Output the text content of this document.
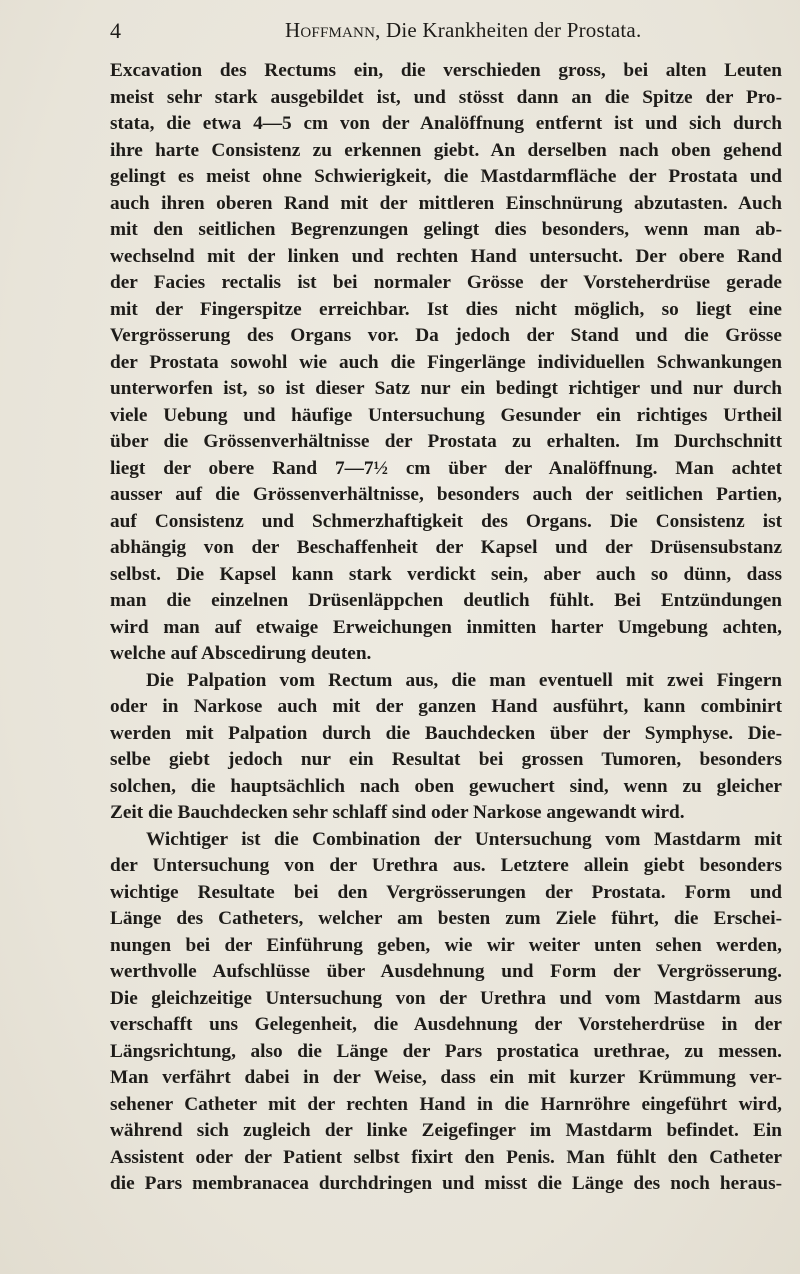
4	Hoffmann, Die Krankheiten der Prostata.
Excavation des Rectums ein, die verschieden gross, bei alten Leuten
meist sehr stark ausgebildet ist, und stösst dann an die Spitze der Pro-
stata, die etwa 4—5 cm von der Analöffnung entfernt ist und sich durch
ihre harte Consistenz zu erkennen giebt. An derselben nach oben gehend
gelingt es meist ohne Schwierigkeit, die Mastdarmfläche der Prostata und
auch ihren oberen Rand mit der mittleren Einschnürung abzutasten. Auch
mit den seitlichen Begrenzungen gelingt dies besonders, wenn man ab-
wechselnd mit der linken und rechten Hand untersucht. Der obere Rand
der Facies rectalis ist bei normaler Grösse der Vorsteherdrüse gerade
mit der Fingerspitze erreichbar. Ist dies nicht möglich, so liegt eine
Vergrösserung des Organs vor. Da jedoch der Stand und die Grösse
der Prostata sowohl wie auch die Fingerlänge individuellen Schwankungen
unterworfen ist, so ist dieser Satz nur ein bedingt richtiger und nur durch
viele Uebung und häufige Untersuchung Gesunder ein richtiges Urtheil
über die Grössenverhältnisse der Prostata zu erhalten. Im Durchschnitt
liegt der obere Rand 7—7½ cm über der Analöffnung. Man achtet
ausser auf die Grössenverhältnisse, besonders auch der seitlichen Partien,
auf Consistenz und Schmerzhaftigkeit des Organs. Die Consistenz ist
abhängig von der Beschaffenheit der Kapsel und der Drüsensubstanz
selbst. Die Kapsel kann stark verdickt sein, aber auch so dünn, dass
man die einzelnen Drüsenläppchen deutlich fühlt. Bei Entzündungen
wird man auf etwaige Erweichungen inmitten harter Umgebung achten,
welche auf Abscedirung deuten.
Die Palpation vom Rectum aus, die man eventuell mit zwei Fingern
oder in Narkose auch mit der ganzen Hand ausführt, kann combinirt
werden mit Palpation durch die Bauchdecken über der Symphyse. Die-
selbe giebt jedoch nur ein Resultat bei grossen Tumoren, besonders
solchen, die hauptsächlich nach oben gewuchert sind, wenn zu gleicher
Zeit die Bauchdecken sehr schlaff sind oder Narkose angewandt wird.
Wichtiger ist die Combination der Untersuchung vom Mastdarm mit
der Untersuchung von der Urethra aus. Letztere allein giebt besonders
wichtige Resultate bei den Vergrösserungen der Prostata. Form und
Länge des Catheters, welcher am besten zum Ziele führt, die Erschei-
nungen bei der Einführung geben, wie wir weiter unten sehen werden,
werthvolle Aufschlüsse über Ausdehnung und Form der Vergrösserung.
Die gleichzeitige Untersuchung von der Urethra und vom Mastdarm aus
verschafft uns Gelegenheit, die Ausdehnung der Vorsteherdrüse in der
Längsrichtung, also die Länge der Pars prostatica urethrae, zu messen.
Man verfährt dabei in der Weise, dass ein mit kurzer Krümmung ver-
sehener Catheter mit der rechten Hand in die Harnröhre eingeführt wird,
während sich zugleich der linke Zeigefinger im Mastdarm befindet. Ein
Assistent oder der Patient selbst fixirt den Penis. Man fühlt den Catheter
die Pars membranacea durchdringen und misst die Länge des noch heraus-
